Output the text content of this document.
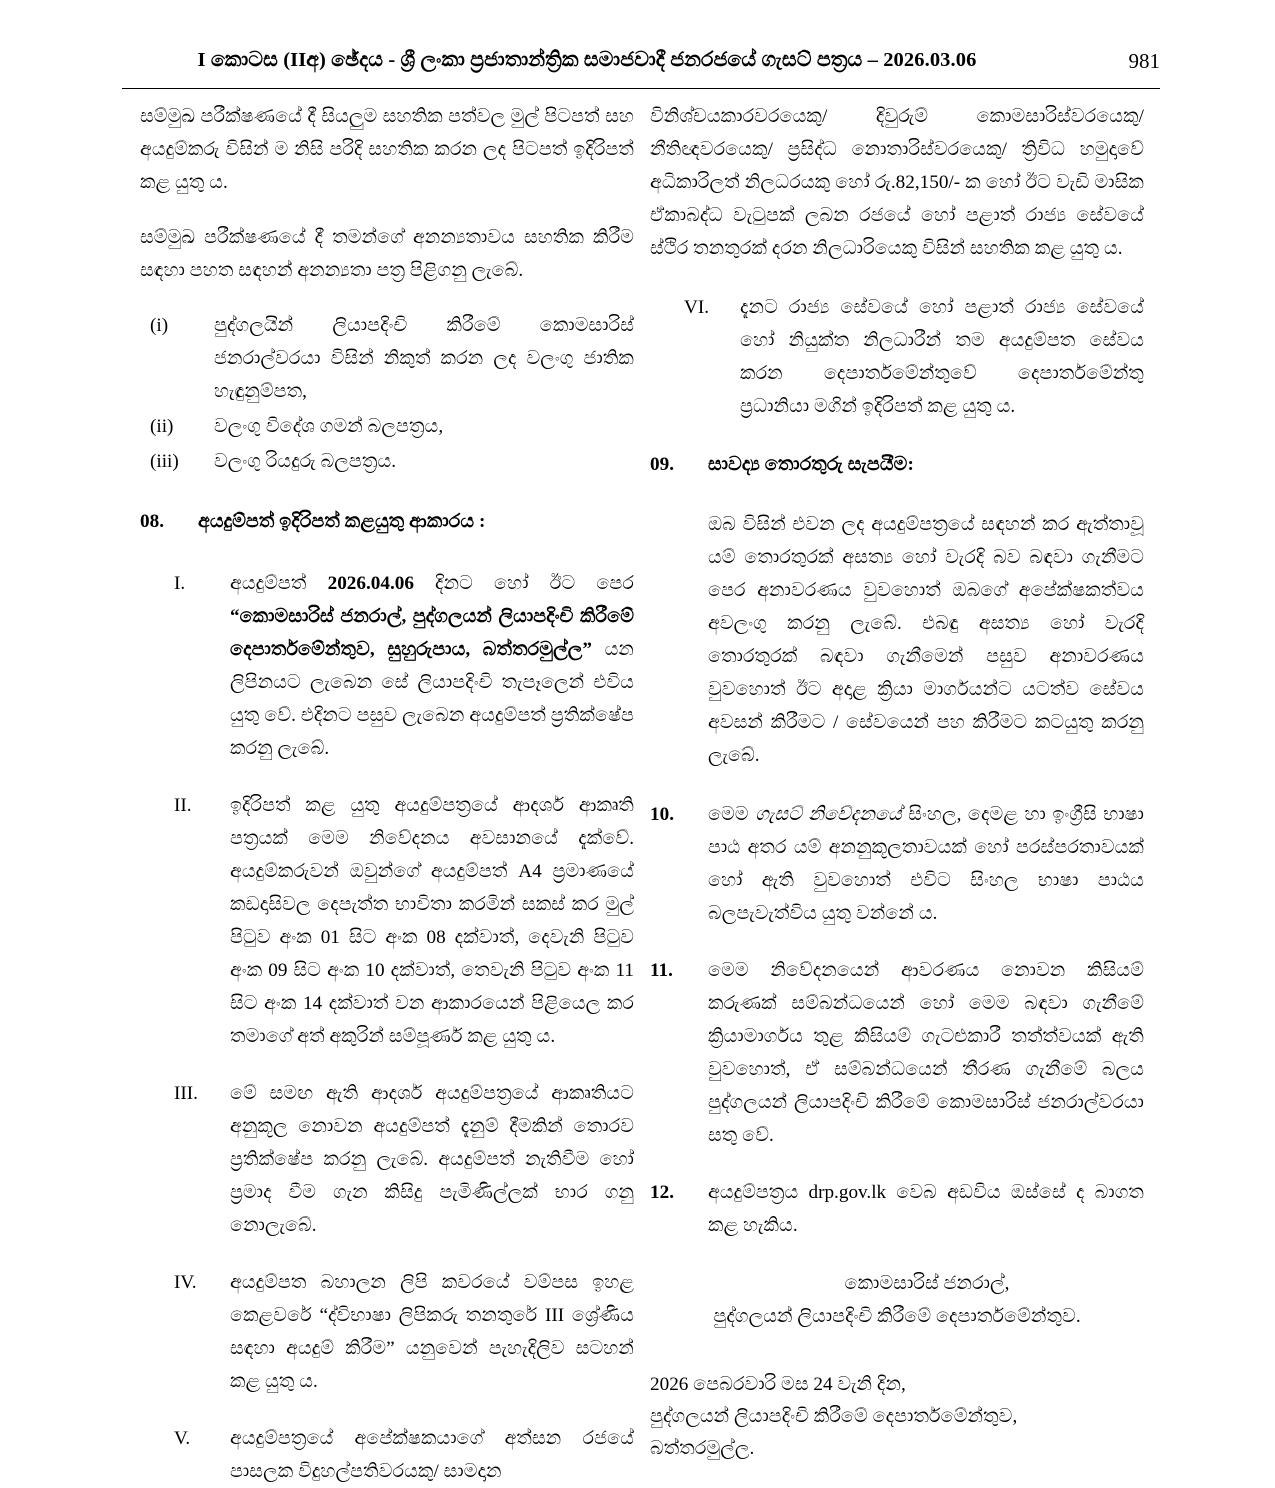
I කොටස (IIඅ) ඡේදය - ශ්‍රී ලංකා ප්‍රජාතාන්ත්‍රික සමාජවාදී ජනරජයේ ගැසට් පත්‍රය – 2026.03.06	981

සම්මුඛ පරීක්ෂණයේ දී සියලුම සහතික පත්වල මුල් පිටපත් සහ අයදුම්කරු විසින් ම නිසි පරිදි සහතික කරන ලද පිටපත් ඉදිරිපත් කළ යුතු ය.

සම්මුඛ පරීක්ෂණයේ දී තමන්ගේ අනන්‍යතාවය සහතික කිරීම සඳහා පහත සඳහන් අනන්‍යතා පත්‍ර පිළිගනු ලැබේ.

(i)	පුද්ගලයින් ලියාපදිංචි කිරීමේ කොමසාරිස් ජනරාල්වරයා විසින් නිකුත් කරන ලද වලංගු ජාතික හැඳුනුම්පත,
(ii)	වලංගු විදේශ ගමන් බලපත්‍රය,
(iii)	වලංගු රියදුරු බලපත්‍රය.
08.	අයදුම්පත් ඉදිරිපත් කළයුතු ආකාරය :
I.	අයදුම්පත් 2026.04.06 දිනට හෝ ඊට පෙර “කොමසාරිස් ජනරාල්, පුද්ගලයන් ලියාපදිංචි කිරීමේ දෙපාර්තමේන්තුව, සුහුරුපාය, බත්තරමුල්ල” යන ලිපිනයට ලැබෙන සේ ලියාපදිංචි තැපෑලෙන් එවිය යුතු වේ. එදිනට පසුව ලැබෙන අයදුම්පත් ප්‍රතික්ෂේප කරනු ලැබේ.
II.	ඉදිරිපත් කළ යුතු අයදුම්පත්‍රයේ ආදර්ශ ආකෘති පත්‍රයක් මෙම නිවේදනය අවසානයේ දැක්වේ. අයදුම්කරුවන් ඔවුන්ගේ අයදුම්පත් A4 ප්‍රමාණයේ කඩදාසිවල දෙපැත්ත භාවිතා කරමින් සකස් කර මුල් පිටුව අංක 01 සිට අංක 08 දක්වාත්, දෙවැනි පිටුව අංක 09 සිට අංක 10 දක්වාත්, තෙවැනි පිටුව අංක 11 සිට අංක 14 දක්වාත් වන ආකාරයෙන් පිළියෙල කර තමාගේ අත් අකුරින් සම්පූර්ණ කළ යුතු ය.
III.	මේ සමඟ ඇති ආදර්ශ අයදුම්පත්‍රයේ ආකෘතියට අනුකූල නොවන අයදුම්පත් දැනුම් දීමකින් තොරව ප්‍රතික්ෂේප කරනු ලැබේ. අයදුම්පත් නැතිවීම හෝ ප්‍රමාද වීම ගැන කිසිදු පැමිණිල්ලක් භාර ගනු නොලැබේ.
IV.	අයදුම්පත බහාලන ලිපි කවරයේ වම්පස ඉහළ කෙළවරේ “ද්විභාෂා ලිපිකරු තනතුරේ III ශ්‍රේණිය සඳහා අයදුම් කිරීම” යනුවෙන් පැහැදිලිව සටහන් කළ යුතු ය.
V.	අයදුම්පත්‍රයේ අපේක්ෂකයාගේ අත්සන රජයේ පාසලක විදුහල්පතිවරයකු/ සාමදාන

විනිශ්චයකාරවරයෙකු/ දිවුරුම් කොමසාරිස්වරයෙකු/ නීතිඥවරයෙකු/ ප්‍රසිද්ධ නොතාරිස්වරයෙකු/ ත්‍රිවිධ හමුදාවේ අධිකාරිලත් නිලධරයකු හෝ රු.82,150/- ක හෝ ඊට වැඩි මාසික ඒකාබද්ධ වැටුපක් ලබන රජයේ හෝ පළාත් රාජ්‍ය සේවයේ ස්ථිර තනතුරක් දරන නිලධාරියෙකු විසින් සහතික කළ යුතු ය.

VI.	දැනට රාජ්‍ය සේවයේ හෝ පළාත් රාජ්‍ය සේවයේ හෝ නියුක්ත නිලධාරීන් තම අයදුම්පත සේවය කරන දෙපාර්තමේන්තුවේ දෙපාර්තමේන්තු ප්‍රධානියා මගින් ඉදිරිපත් කළ යුතු ය.
09.	සාවද්‍ය තොරතුරු සැපයීම:

ඔබ විසින් එවන ලද අයදුම්පත්‍රයේ සඳහන් කර ඇත්තාවූ යම් තොරතුරක් අසත්‍ය හෝ වැරදි බව බඳවා ගැනීමට පෙර අනාවරණය වුවහොත් ඔබගේ අපේක්ෂකත්වය අවලංගු කරනු ලැබේ. එබඳු අසත්‍ය හෝ වැරදි තොරතුරක් බඳවා ගැනීමෙන් පසුව අනාවරණය වුවහොත් ඊට අදාළ ක්‍රියා මාර්ගයන්ට යටත්ව සේවය අවසන් කිරීමට / සේවයෙන් පහ කිරීමට කටයුතු කරනු ලැබේ.

10.	මෙම ගැසට් නිවේදනයේ සිංහල, දෙමළ හා ඉංග්‍රීසි භාෂා පාඨ අතර යම් අනනුකූලතාවයක් හෝ පරස්පරතාවයක් හෝ ඇති වුවහොත් එවිට සිංහල භාෂා පාඨය බලපැවැත්විය යුතු වන්නේ ය.
11.	මෙම නිවේදනයෙන් ආවරණය නොවන කිසියම් කරුණක් සම්බන්ධයෙන් හෝ මෙම බඳවා ගැනීමේ ක්‍රියාමාර්ගය තුළ කිසියම් ගැටළුකාරී තත්ත්වයක් ඇති වුවහොත්, ඒ සම්බන්ධයෙන් තීරණ ගැනීමේ බලය පුද්ගලයන් ලියාපදිංචි කිරීමේ කොමසාරිස් ජනරාල්වරයා සතු වේ.
12.	අයදුම්පත්‍රය drp.gov.lk වෙබ අඩවිය ඔස්සේ ද බාගත කළ හැකිය.
කොමසාරිස් ජනරාල්,
පුද්ගලයන් ලියාපදිංචි කිරීමේ දෙපාර්තමේන්තුව.
2026 පෙබරවාරි මස 24 වැනි දින,
පුද්ගලයන් ලියාපදිංචි කිරීමේ දෙපාර්තමේන්තුව,
බත්තරමුල්ල.
